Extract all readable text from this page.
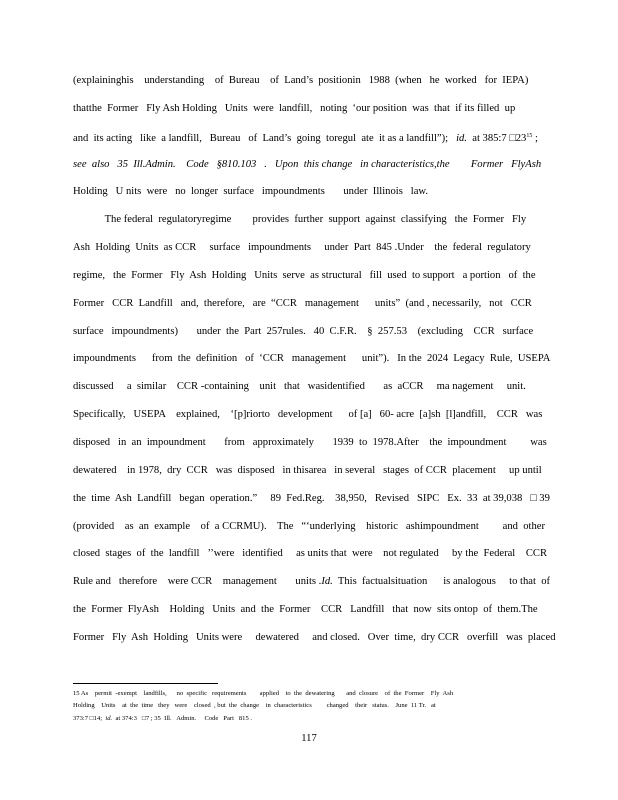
(explaininghis    understanding    of  Bureau    of  Land’s  positionin   1988  (when   he  worked   for  IEPA)
thatthe  Former   Fly Ash Holding   Units  were  landfill,   noting  ‘our position  was  that  if its filled  up
and  its acting   like  a landfill,   Bureau   of  Land’s  going  toregul  ate  it as a landfill”); id.  at 385:7 $□23^{15}$ ;
see  also   35  Ill.Admin.    Code   §810.103   .   Upon  this change   in characteristics,the        Former   FlyAsh
Holding   U nits  were   no  longer  surface   impoundments       under  Illinois   law.
The federal  regulatoryregime        provides  further  support  against  classifying   the  Former   Fly
Ash  Holding  Units  as CCR     surface   impoundments     under  Part  845 .Under    the  federal  regulatory
regime,   the  Former   Fly  Ash  Holding   Units  serve  as structural   fill  used  to support   a portion   of  the
Former   CCR  Landfill   and,  therefore,   are  “CCR   management      units”  (and , necessarily,   not   CCR
surface   impoundments)       under  the  Part  257rules.   40  C.F.R.    §  257.53    (excluding    CCR   surface
impoundments      from  the  definition   of  ‘CCR   management      unit”).   In the  2024  Legacy  Rule,  USEPA
discussed     a  similar    CCR -containing    unit   that   wasidentified       as  aCCR     ma nagement     unit.
Specifically,   USEPA    explained,    ‘[p]riorto   development      of [a]   60- acre  [a]sh  [l]andfill,    CCR   was
disposed   in  an  impoundment       from   approximately       1939  to  1978.After    the  impoundment         was
dewatered    in 1978,  dry  CCR   was  disposed   in thisarea   in several   stages  of CCR  placement     up until
the  time  Ash  Landfill   began  operation.”     89  Fed.Reg.    38,950,   Revised   SIPC   Ex.  33  at 39,038   □ 39
(provided    as  an  example    of  a CCRMU).    The   “‘underlying    historic   ashimpoundment         and  other
closed  stages  of  the  landfill   ’’were   identified     as units that  were    not regulated     by the  Federal    CCR
Rule and   therefore    were CCR    management       units .Id.  This  factualsituation      is analogous     to that  of
the  Former  FlyAsh    Holding   Units  and  the  Former    CCR   Landfill   that  now  sits ontop  of  them.The
Former   Fly  Ash  Holding   Units were     dewatered     and closed.   Over  time,  dry CCR   overfill   was  placed
15 As    permit  -exempt    landfills,      no  specific   requirements        applied    to  the  dewatering       and  closure    of  the  Former    Fly  Ash
Holding    Units    at  the  time   they   were    closed  , but  the  change    in  characteristics         changed    their   status.    June  11 Tr.   at
373:7 □14;  id.  at 374:3   □7 ; 35  Ill.   Admin.     Code   Part   815 .
117
